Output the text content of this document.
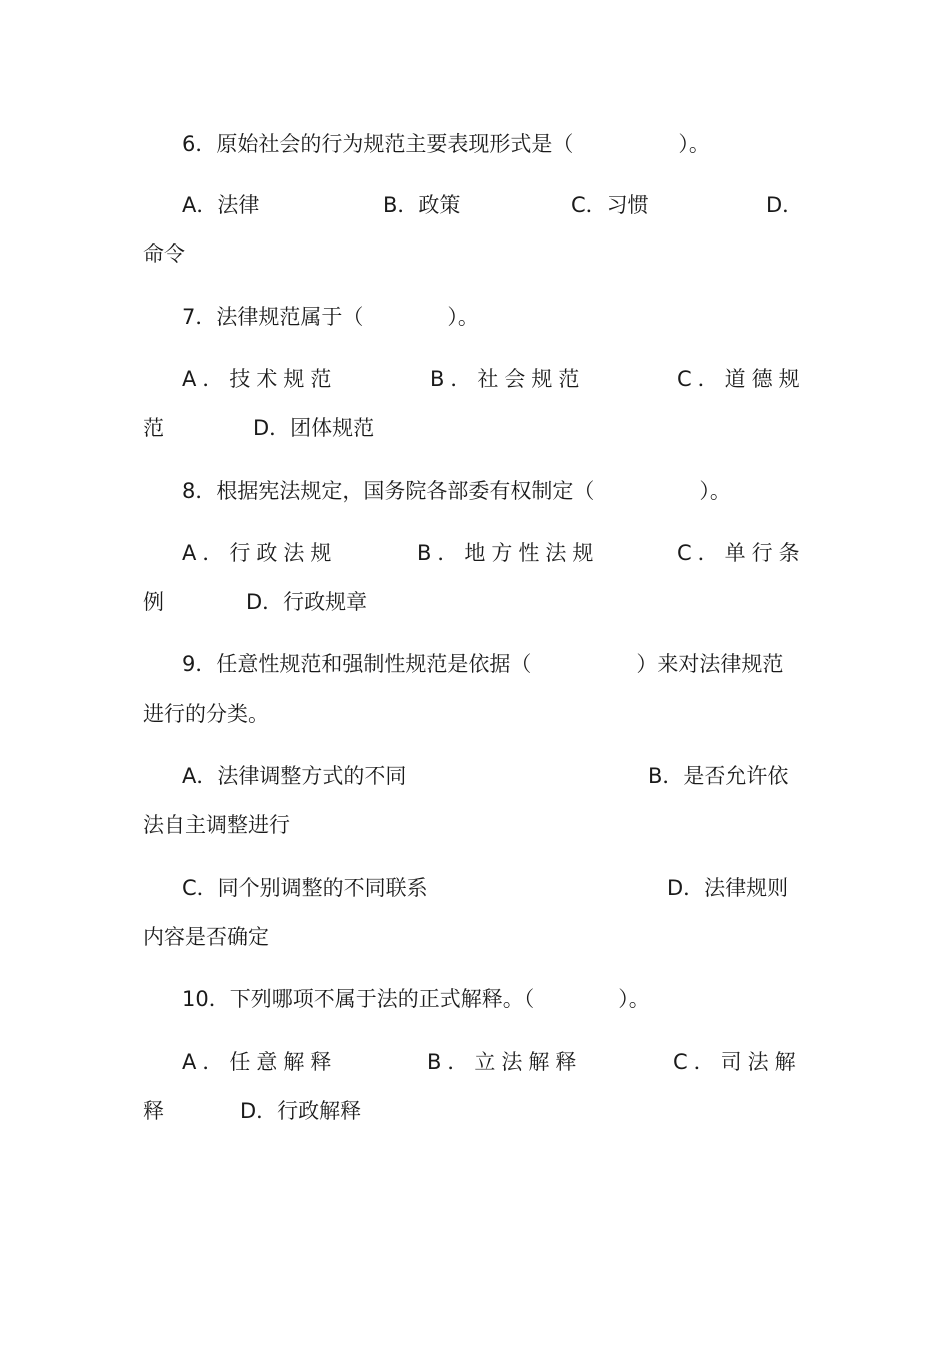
6．原始社会的行为规范主要表现形式是（　　　　　）。

A．法律	B．政策	C．习惯	D．

命令

7．法律规范属于（　　　　）。

A．技术规范	B．社会规范	C．道德规

范	D．团体规范

8．根据宪法规定，国务院各部委有权制定（　　　　　）。

A．行政法规	B．地方性法规	C．单行条

例	D．行政规章

9．任意性规范和强制性规范是依据（　　　　　）来对法律规范

进行的分类。

A．法律调整方式的不同	B．是否允许依

法自主调整进行

C．同个别调整的不同联系	D．法律规则

内容是否确定

10．下列哪项不属于法的正式解释。（　　　　）。

A．任意解释	B．立法解释	C．司法解

释	D．行政解释
